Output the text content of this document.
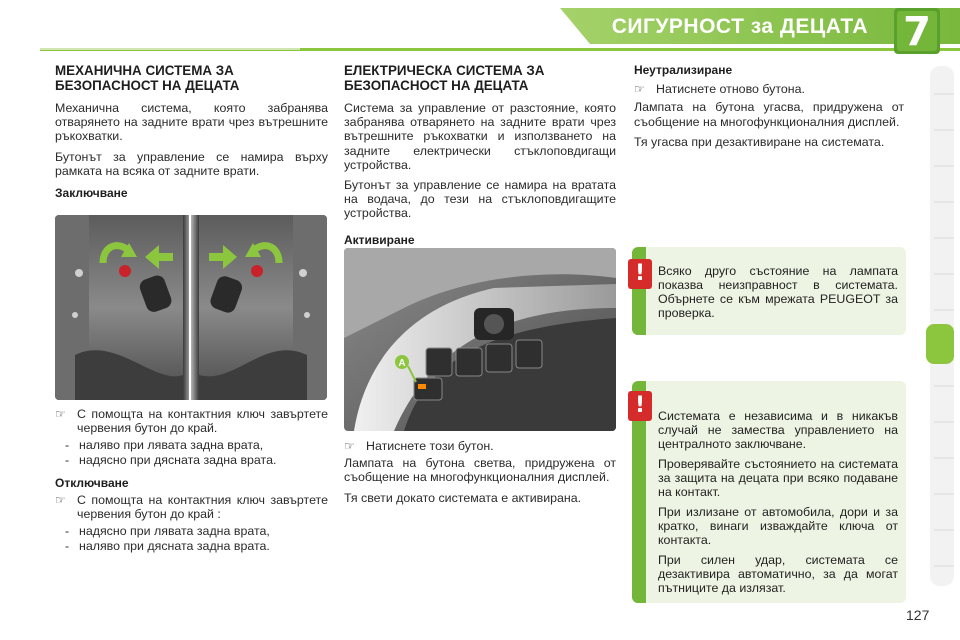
СИГУРНОСТ за ДЕЦАТА 7
МЕХАНИЧНА СИСТЕМА ЗА
БЕЗОПАСНОСТ НА ДЕЦАТА

Механична система, която забранява отварянето на задните врати чрез вътрешните ръкохватки.

Бутонът за управление се намира върху рамката на всяка от задните врати.

Заключване
☞ С помощта на контактния ключ завъртете червения бутон до край.
- наляво при лявата задна врата,
- надясно при дясната задна врата.
Отключване
☞ С помощта на контактния ключ завъртете червения бутон до край :
- надясно при лявата задна врата,
- наляво при дясната задна врата.
ЕЛЕКТРИЧЕСКА СИСТЕМА ЗА
БЕЗОПАСНОСТ НА ДЕЦАТА

Система за управление от разстояние, която забранява отварянето на задните врати чрез вътрешните ръкохватки и използването на задните електрически стъклоповдигащи устройства.

Бутонът за управление се намира на вратата на водача, до тези на стъклоповдигащите устройства.

Активиране
A
☞ Натиснете този бутон.

Лампата на бутона светва, придружена от съобщение на многофункционалния дисплей.

Тя свети докато системата е активирана.

Неутрализиране
☞ Натиснете отново бутона.

Лампата на бутона угасва, придружена от съобщение на многофункционалния дисплей.

Тя угасва при дезактивиране на системата.

!	Всяко друго състояние на лампата показва неизправност в системата. Обърнете се към мрежата PEUGEOT за проверка.
!	Системата е независима и в никакъв случай не замества управлението на централното заключване.
Проверявайте състоянието на системата за защита на децата при всяко подаване на контакт.
При излизане от автомобила, дори и за кратко, винаги изваждайте ключа от контакта.
При силен удар, системата се дезактивира автоматично, за да могат пътниците да излязат.
127
